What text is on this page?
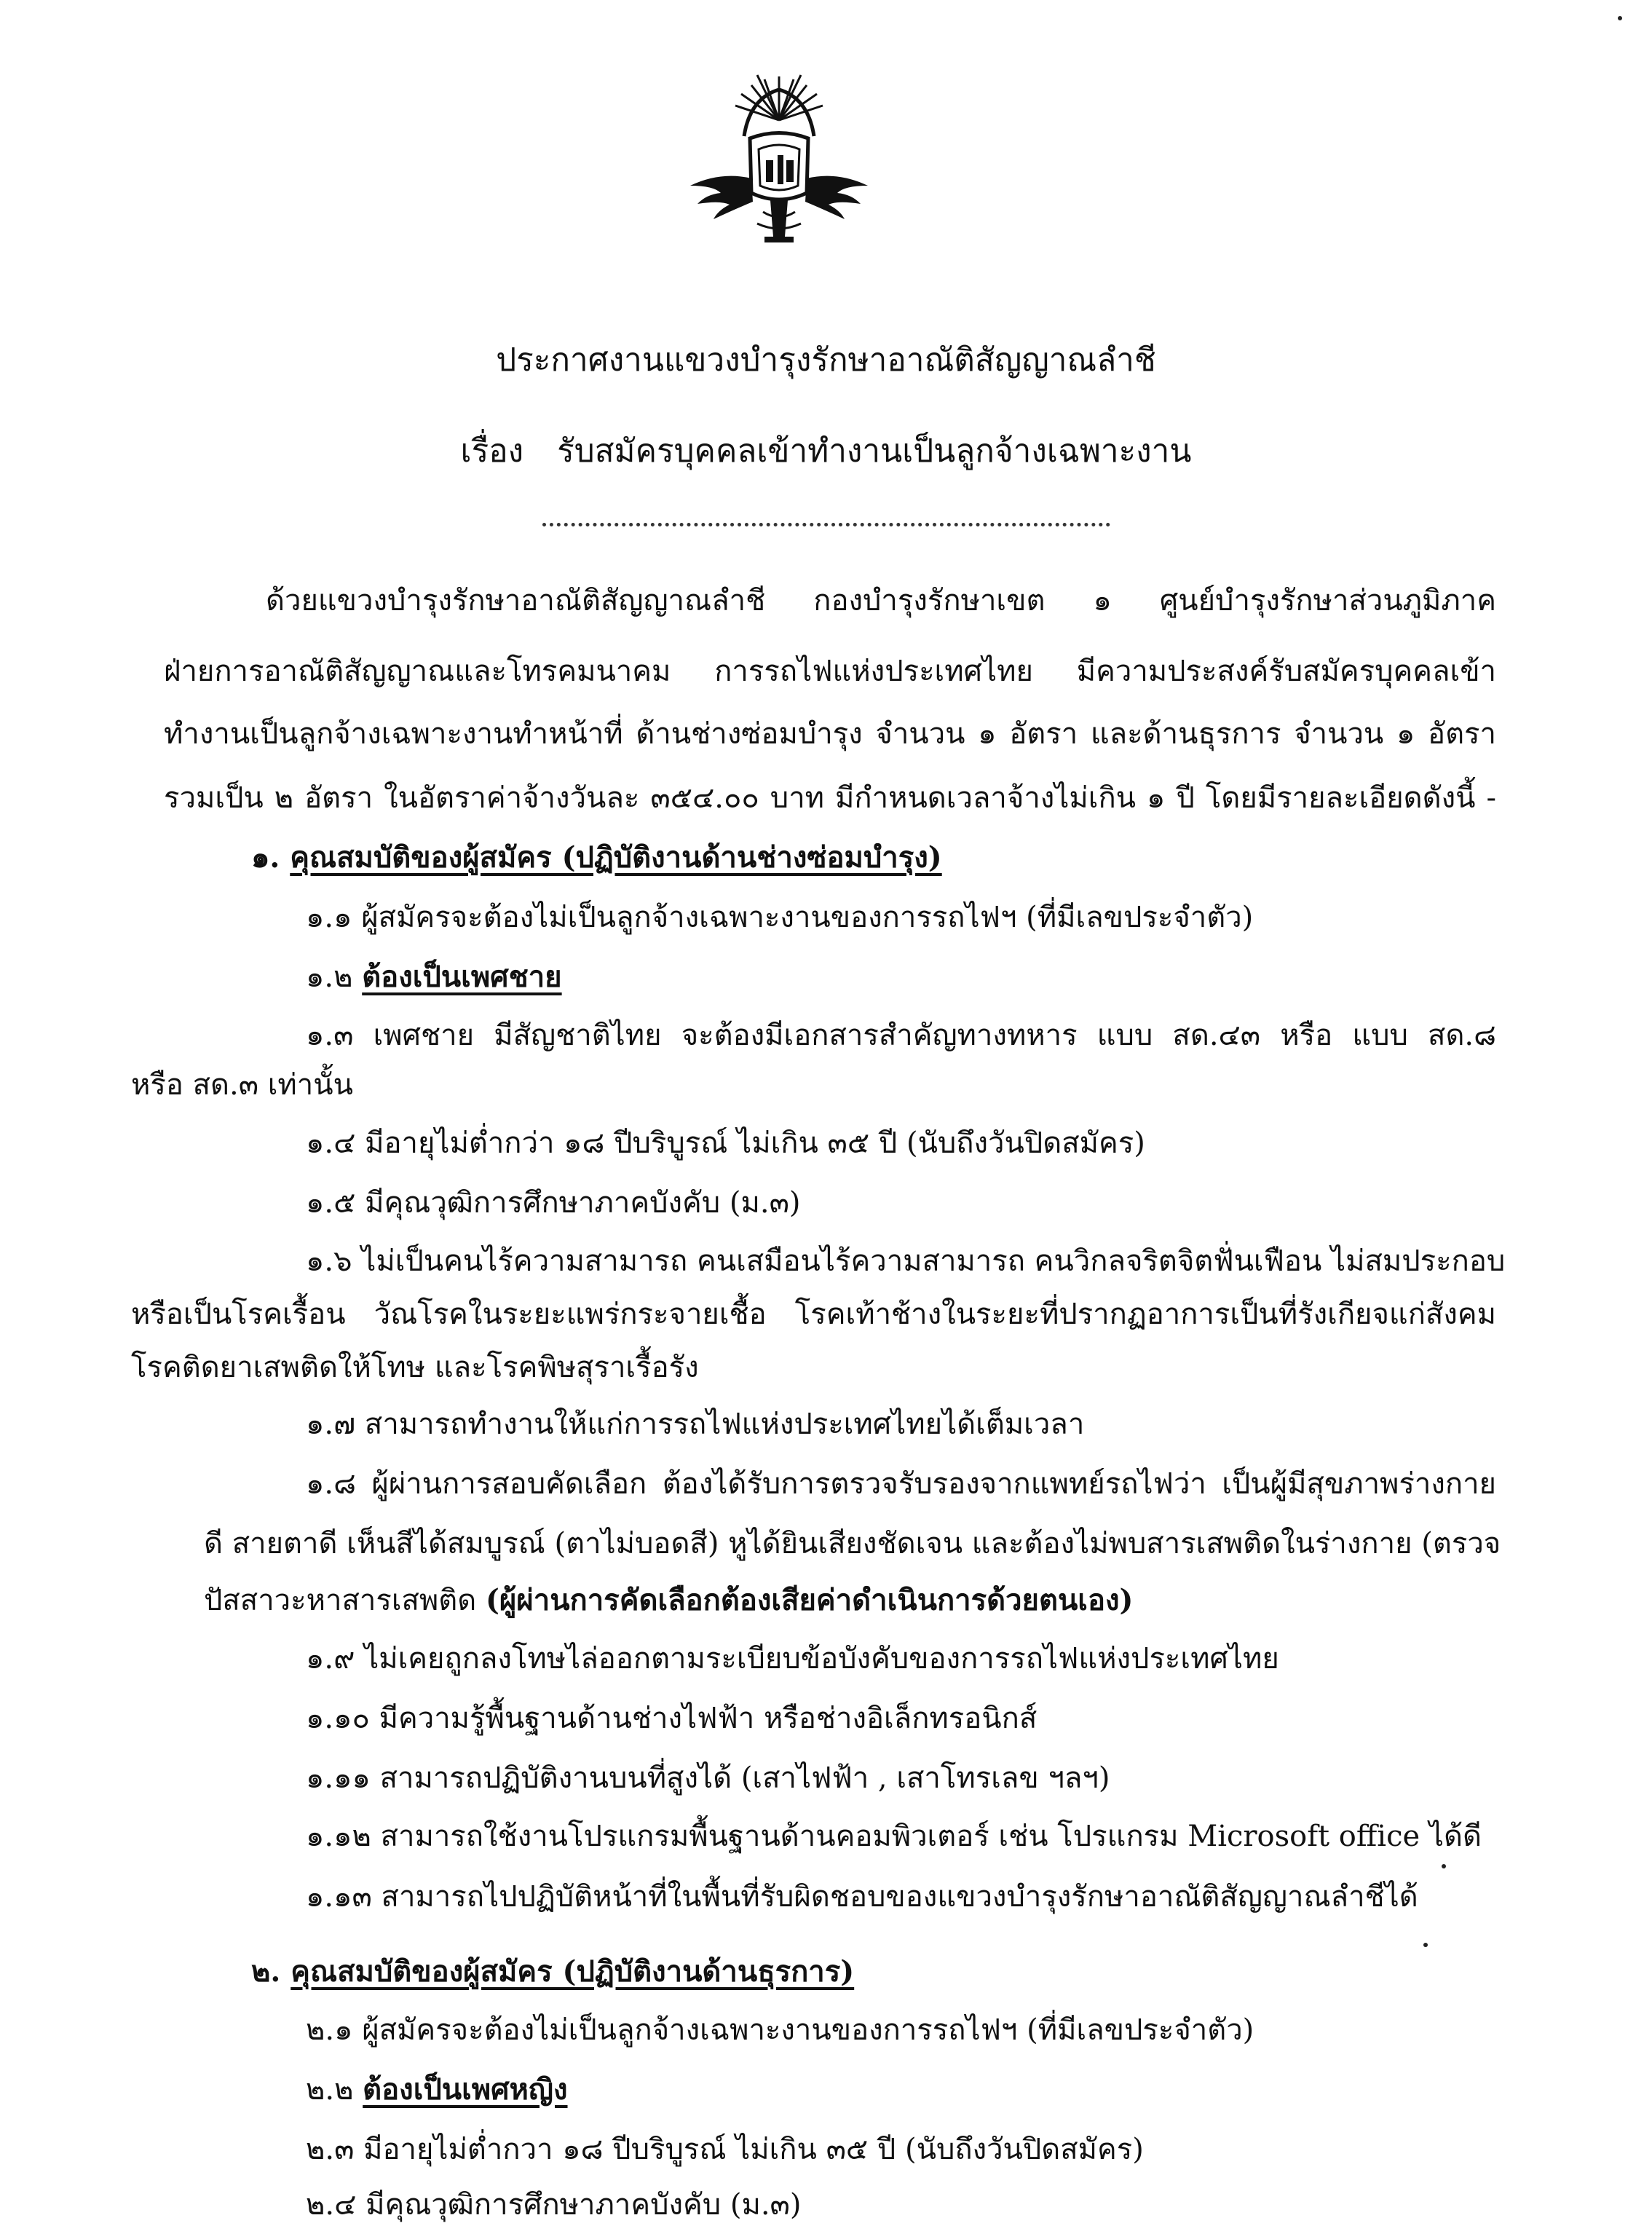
ประกาศงานแขวงบำรุงรักษาอาณัติสัญญาณลำชี
เรื่อง รับสมัครบุคคลเข้าทำงานเป็นลูกจ้างเฉพาะงาน
ด้วยแขวงบำรุงรักษาอาณัติสัญญาณลำชี กองบำรุงรักษาเขต ๑ ศูนย์บำรุงรักษาส่วนภูมิภาค
ฝ่ายการอาณัติสัญญาณและโทรคมนาคม การรถไฟแห่งประเทศไทย มีความประสงค์รับสมัครบุคคลเข้า
ทำงานเป็นลูกจ้างเฉพาะงานทำหน้าที่ ด้านช่างซ่อมบำรุง จำนวน ๑ อัตรา และด้านธุรการ จำนวน ๑ อัตรา
รวมเป็น ๒ อัตรา ในอัตราค่าจ้างวันละ ๓๕๔.๐๐ บาท มีกำหนดเวลาจ้างไม่เกิน ๑ ปี โดยมีรายละเอียดดังนี้ -
๑. คุณสมบัติของผู้สมัคร (ปฏิบัติงานด้านช่างซ่อมบำรุง)
๑.๑ ผู้สมัครจะต้องไม่เป็นลูกจ้างเฉพาะงานของการรถไฟฯ (ที่มีเลขประจำตัว)
๑.๒ ต้องเป็นเพศชาย
๑.๓ เพศชาย มีสัญชาติไทย จะต้องมีเอกสารสำคัญทางทหาร แบบ สด.๔๓ หรือ แบบ สด.๘
หรือ สด.๓ เท่านั้น
๑.๔ มีอายุไม่ต่ำกว่า ๑๘ ปีบริบูรณ์ ไม่เกิน ๓๕ ปี (นับถึงวันปิดสมัคร)
๑.๕ มีคุณวุฒิการศึกษาภาคบังคับ (ม.๓)
๑.๖ ไม่เป็นคนไร้ความสามารถ คนเสมือนไร้ความสามารถ คนวิกลจริตจิตฟั่นเฟือน ไม่สมประกอบ
หรือเป็นโรคเรื้อน วัณโรคในระยะแพร่กระจายเชื้อ โรคเท้าช้างในระยะที่ปรากฏอาการเป็นที่รังเกียจแก่สังคม
โรคติดยาเสพติดให้โทษ และโรคพิษสุราเรื้อรัง
๑.๗ สามารถทำงานให้แก่การรถไฟแห่งประเทศไทยได้เต็มเวลา
๑.๘ ผู้ผ่านการสอบคัดเลือก ต้องได้รับการตรวจรับรองจากแพทย์รถไฟว่า เป็นผู้มีสุขภาพร่างกาย
ดี สายตาดี เห็นสีได้สมบูรณ์ (ตาไม่บอดสี) หูได้ยินเสียงชัดเจน และต้องไม่พบสารเสพติดในร่างกาย (ตรวจ
ปัสสาวะหาสารเสพติด (ผู้ผ่านการคัดเลือกต้องเสียค่าดำเนินการด้วยตนเอง)
๑.๙ ไม่เคยถูกลงโทษไล่ออกตามระเบียบข้อบังคับของการรถไฟแห่งประเทศไทย
๑.๑๐ มีความรู้พื้นฐานด้านช่างไฟฟ้า หรือช่างอิเล็กทรอนิกส์
๑.๑๑ สามารถปฏิบัติงานบนที่สูงได้ (เสาไฟฟ้า , เสาโทรเลข ฯลฯ)
๑.๑๒ สามารถใช้งานโปรแกรมพื้นฐานด้านคอมพิวเตอร์ เช่น โปรแกรม Microsoft office ได้ดี
๑.๑๓ สามารถไปปฏิบัติหน้าที่ในพื้นที่รับผิดชอบของแขวงบำรุงรักษาอาณัติสัญญาณลำชีได้
๒. คุณสมบัติของผู้สมัคร (ปฏิบัติงานด้านธุรการ)
๒.๑ ผู้สมัครจะต้องไม่เป็นลูกจ้างเฉพาะงานของการรถไฟฯ (ที่มีเลขประจำตัว)
๒.๒ ต้องเป็นเพศหญิง
๒.๓ มีอายุไม่ต่ำกวา ๑๘ ปีบริบูรณ์ ไม่เกิน ๓๕ ปี (นับถึงวันปิดสมัคร)
๒.๔ มีคุณวุฒิการศึกษาภาคบังคับ (ม.๓)
